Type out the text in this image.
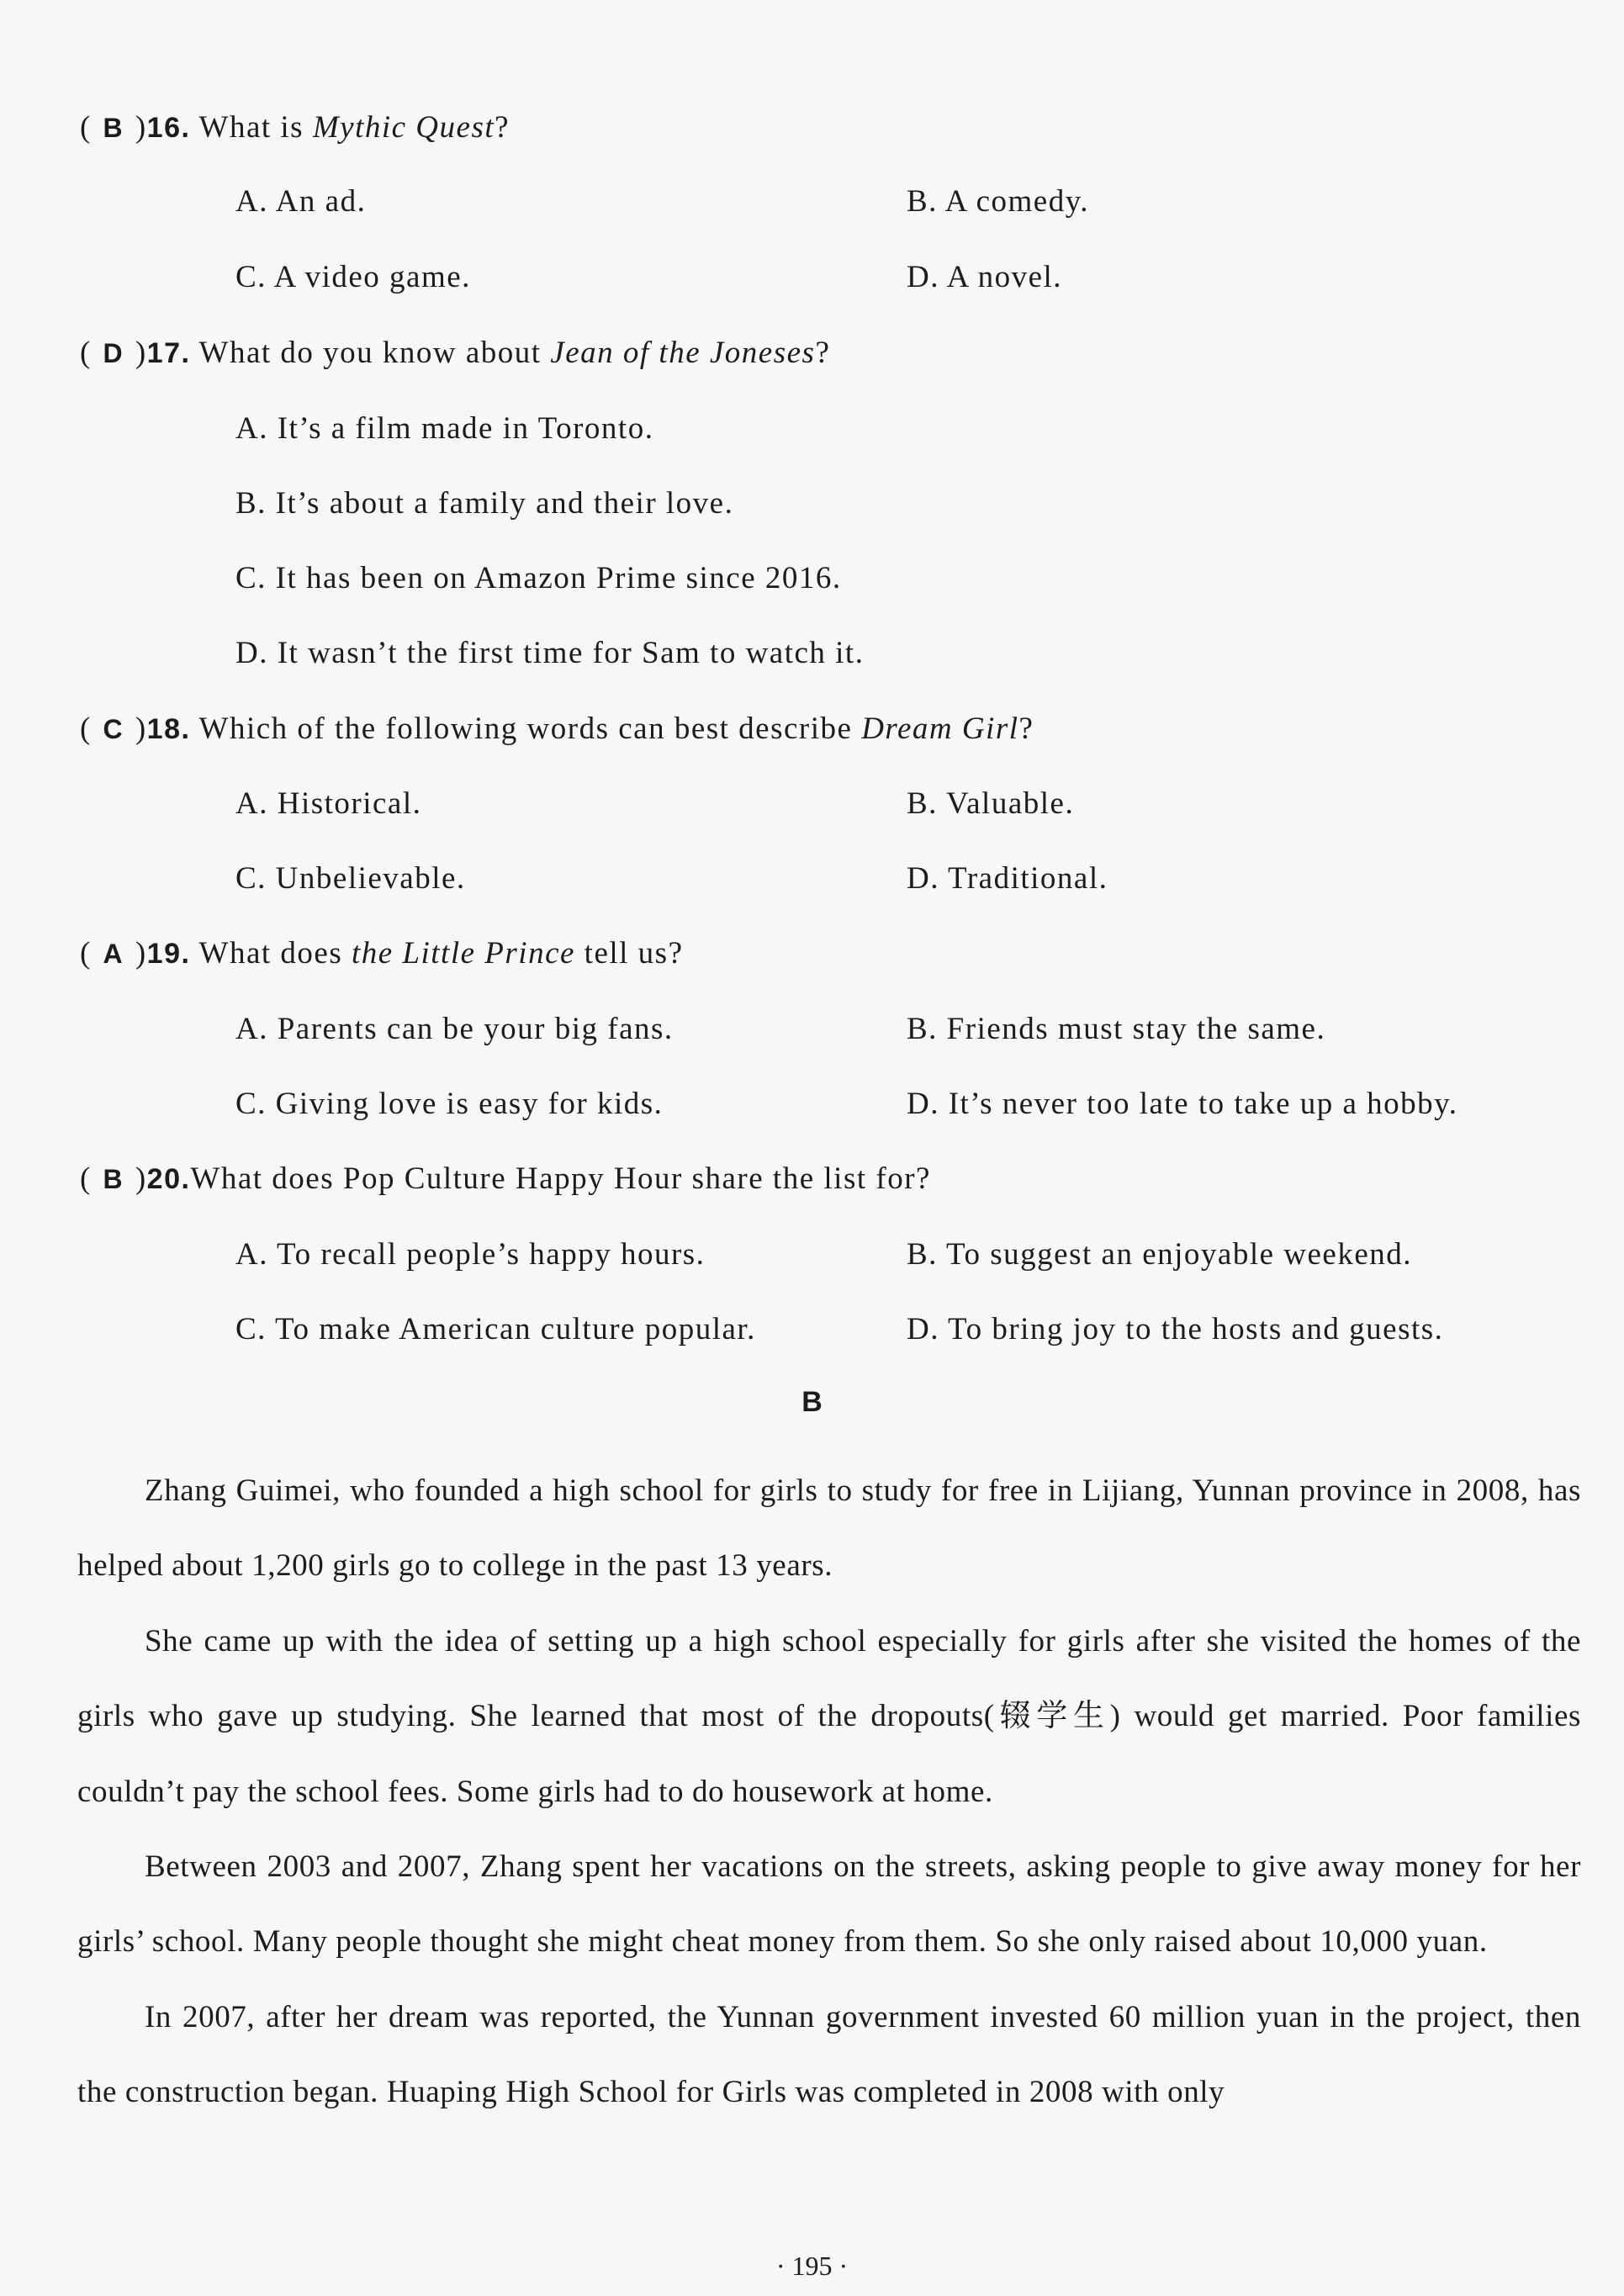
( B )16. What is Mythic Quest?
A. An ad.	B. A comedy.
C. A video game.	D. A novel.
( D )17. What do you know about Jean of the Joneses?
A. It’s a film made in Toronto.
B. It’s about a family and their love.
C. It has been on Amazon Prime since 2016.
D. It wasn’t the first time for Sam to watch it.
( C )18. Which of the following words can best describe Dream Girl?
A. Historical.	B. Valuable.
C. Unbelievable.	D. Traditional.
( A )19. What does the Little Prince tell us?
A. Parents can be your big fans.	B. Friends must stay the same.
C. Giving love is easy for kids.	D. It’s never too late to take up a hobby.
( B )20.What does Pop Culture Happy Hour share the list for?
A. To recall people’s happy hours.	B. To suggest an enjoyable weekend.
C. To make American culture popular.	D. To bring joy to the hosts and guests.
B

Zhang Guimei, who founded a high school for girls to study for free in Lijiang, Yunnan province in 2008, has helped about 1,200 girls go to college in the past 13 years.

She came up with the idea of setting up a high school especially for girls after she visited the homes of the girls who gave up studying. She learned that most of the dropouts(辍学生) would get married. Poor families couldn’t pay the school fees. Some girls had to do housework at home.

Between 2003 and 2007, Zhang spent her vacations on the streets, asking people to give away money for her girls’ school. Many people thought she might cheat money from them. So she only raised about 10,000 yuan.

In 2007, after her dream was reported, the Yunnan government invested 60 million yuan in the project, then the construction began. Huaping High School for Girls was completed in 2008 with only

· 195 ·
